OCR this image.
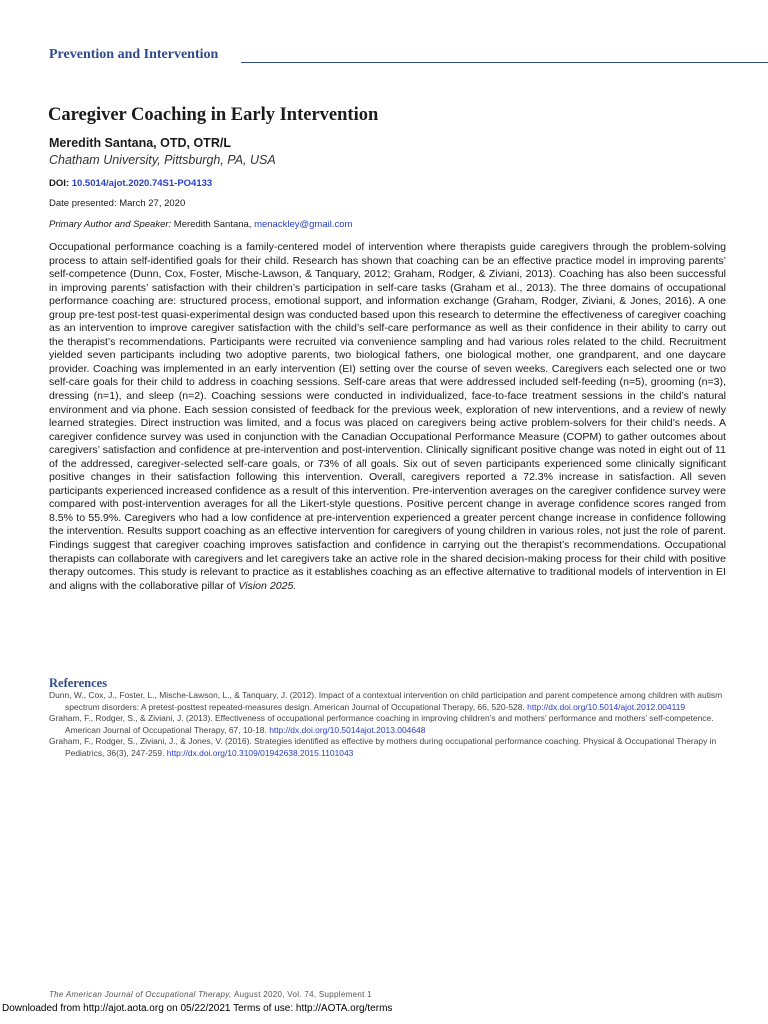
Prevention and Intervention
Caregiver Coaching in Early Intervention
Meredith Santana, OTD, OTR/L
Chatham University, Pittsburgh, PA, USA
DOI: 10.5014/ajot.2020.74S1-PO4133
Date presented: March 27, 2020
Primary Author and Speaker: Meredith Santana, menackley@gmail.com

Occupational performance coaching is a family-centered model of intervention where therapists guide caregivers through the problem-solving process to attain self-identified goals for their child. Research has shown that coaching can be an effective practice model in improving parents’ self-competence (Dunn, Cox, Foster, Mische-Lawson, & Tanquary, 2012; Graham, Rodger, & Ziviani, 2013). Coaching has also been successful in improving parents’ satisfaction with their children’s participation in self-care tasks (Graham et al., 2013). The three domains of occupational performance coaching are: structured process, emotional support, and information exchange (Graham, Rodger, Ziviani, & Jones, 2016). A one group pre-test post-test quasi-experimental design was conducted based upon this research to determine the effectiveness of caregiver coaching as an intervention to improve caregiver satisfaction with the child’s self-care performance as well as their confidence in their ability to carry out the therapist’s recommendations. Participants were recruited via convenience sampling and had various roles related to the child. Recruitment yielded seven participants including two adoptive parents, two biological fathers, one biological mother, one grandparent, and one daycare provider. Coaching was implemented in an early intervention (EI) setting over the course of seven weeks. Caregivers each selected one or two self-care goals for their child to address in coaching sessions. Self-care areas that were addressed included self-feeding (n=5), grooming (n=3), dressing (n=1), and sleep (n=2). Coaching sessions were conducted in individualized, face-to-face treatment sessions in the child’s natural environment and via phone. Each session consisted of feedback for the previous week, exploration of new interventions, and a review of newly learned strategies. Direct instruction was limited, and a focus was placed on caregivers being active problem-solvers for their child’s needs. A caregiver confidence survey was used in conjunction with the Canadian Occupational Performance Measure (COPM) to gather outcomes about caregivers’ satisfaction and confidence at pre-intervention and post-intervention. Clinically significant positive change was noted in eight out of 11 of the addressed, caregiver-selected self-care goals, or 73% of all goals. Six out of seven participants experienced some clinically significant positive changes in their satisfaction following this intervention. Overall, caregivers reported a 72.3% increase in satisfaction. All seven participants experienced increased confidence as a result of this intervention. Pre-intervention averages on the caregiver confidence survey were compared with post-intervention averages for all the Likert-style questions. Positive percent change in average confidence scores ranged from 8.5% to 55.9%. Caregivers who had a low confidence at pre-intervention experienced a greater percent change increase in confidence following the intervention. Results support coaching as an effective intervention for caregivers of young children in various roles, not just the role of parent. Findings suggest that caregiver coaching improves satisfaction and confidence in carrying out the therapist’s recommendations. Occupational therapists can collaborate with caregivers and let caregivers take an active role in the shared decision-making process for their child with positive therapy outcomes. This study is relevant to practice as it establishes coaching as an effective alternative to traditional models of intervention in EI and aligns with the collaborative pillar of Vision 2025.

References
Dunn, W., Cox, J., Foster, L., Mische-Lawson, L., & Tanquary, J. (2012). Impact of a contextual intervention on child participation and parent competence among children with autism spectrum disorders: A pretest-posttest repeated-measures design. American Journal of Occupational Therapy, 66, 520-528. http://dx.doi.org/10.5014/ajot.2012.004119
Graham, F., Rodger, S., & Ziviani, J. (2013). Effectiveness of occupational performance coaching in improving children’s and mothers’ performance and mothers’ self-competence. American Journal of Occupational Therapy, 67, 10-18. http://dx.doi.org/10.5014ajot.2013.004648
Graham, F., Rodger, S., Ziviani, J., & Jones, V. (2016). Strategies identified as effective by mothers during occupational performance coaching. Physical & Occupational Therapy in Pediatrics, 36(3), 247-259. http://dx.doi.org/10.3109/01942638.2015.1101043
The American Journal of Occupational Therapy, August 2020, Vol. 74, Supplement 1
Downloaded from http://ajot.aota.org on 05/22/2021 Terms of use: http://AOTA.org/terms
